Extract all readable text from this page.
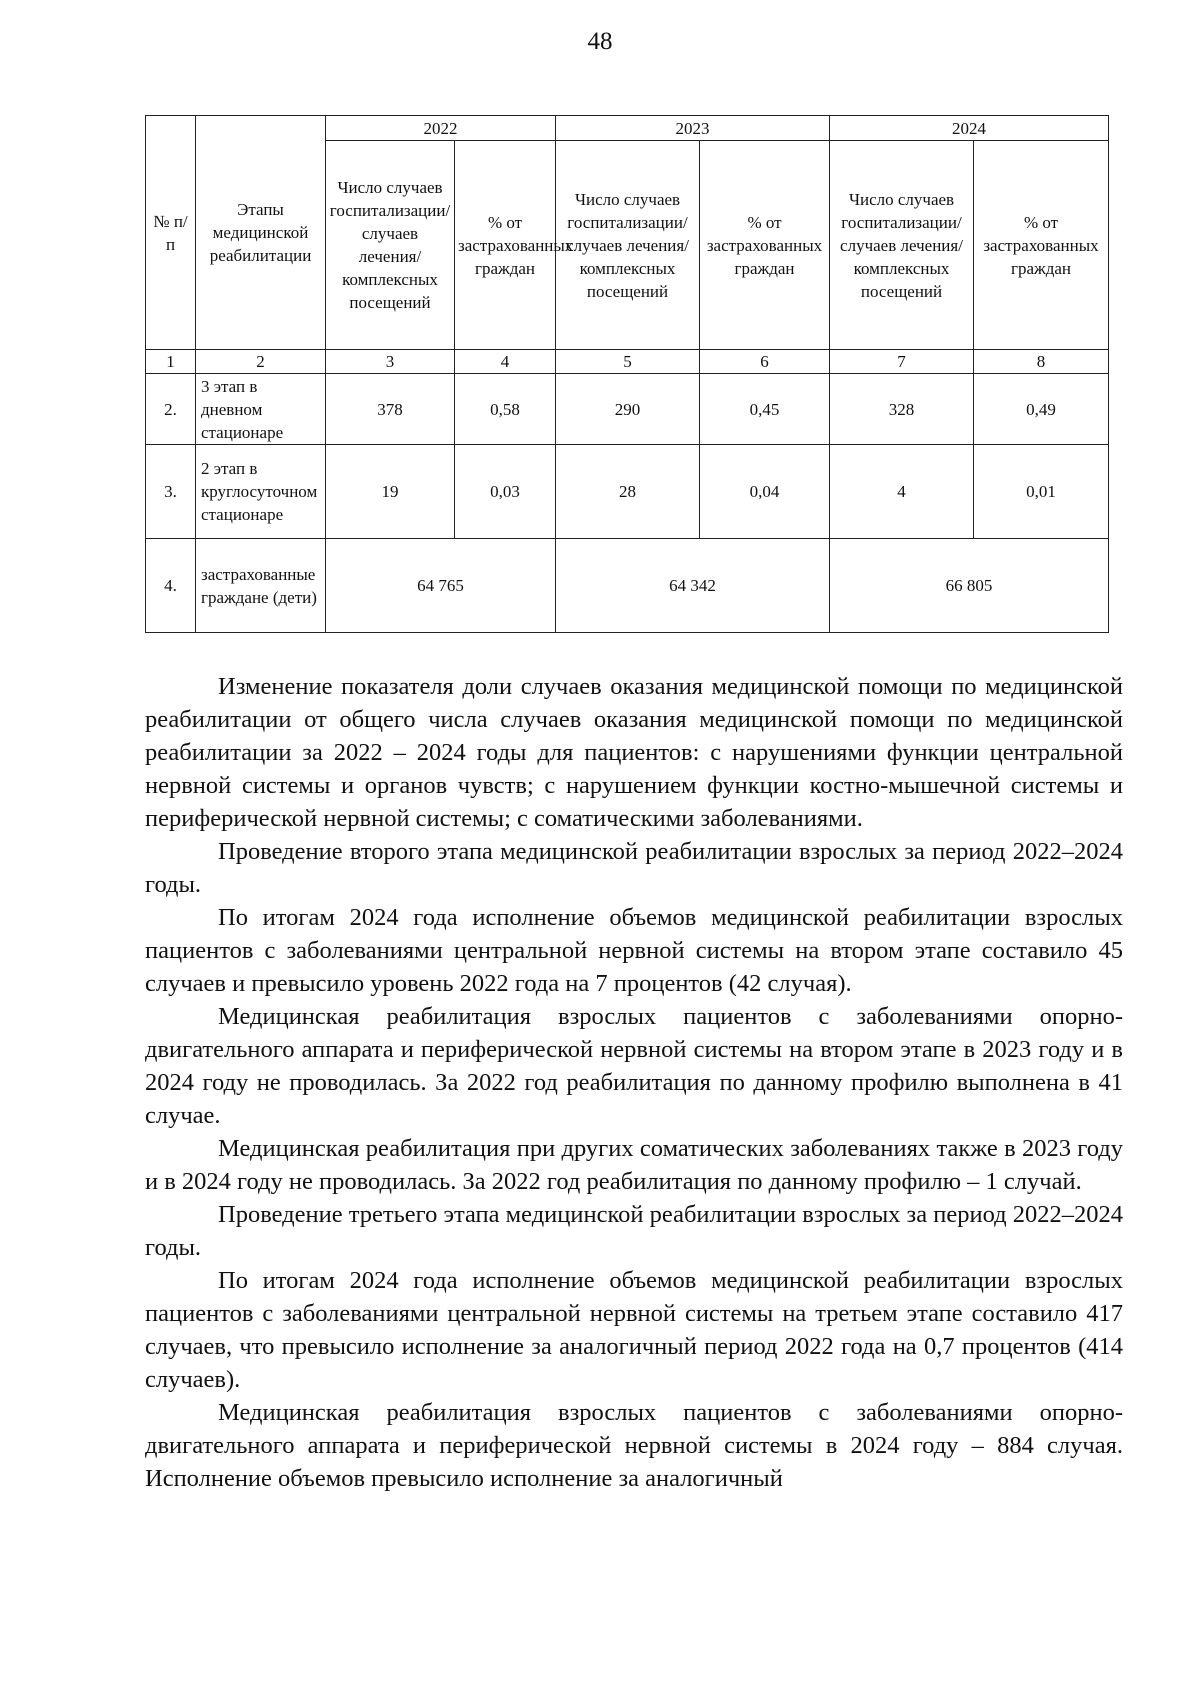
48
№ п/п	Этапы медицинской реабилитации	2022		2023		2024	
		Число случаев госпитализации/ случаев лечения/ комплексных посещений	% от застрахованных граждан	Число случаев госпитализации/ случаев лечения/ комплексных посещений	% от застрахованных граждан	Число случаев госпитализации/ случаев лечения/ комплексных посещений	% от застрахованных граждан
1	2	3	4	5	6	7	8
2.	3 этап в дневном стационаре	378	0,58	290	0,45	328	0,49
3.	2 этап в круглосуточном стационаре	19	0,03	28	0,04	4	0,01
4.	застрахованные граждане (дети)	64 765		64 342		66 805	

Изменение показателя доли случаев оказания медицинской помощи по медицинской реабилитации от общего числа случаев оказания медицинской помощи по медицинской реабилитации за 2022 – 2024 годы для пациентов: с нарушениями функции центральной нервной системы и органов чувств; с нарушением функции костно-мышечной системы и периферической нервной системы; с соматическими заболеваниями.

Проведение второго этапа медицинской реабилитации взрослых за период 2022–2024 годы.

По итогам 2024 года исполнение объемов медицинской реабилитации взрослых пациентов с заболеваниями центральной нервной системы на втором этапе составило 45 случаев и превысило уровень 2022 года на 7 процентов (42 случая).

Медицинская реабилитация взрослых пациентов с заболеваниями опорно-двигательного аппарата и периферической нервной системы на втором этапе в 2023 году и в 2024 году не проводилась. За 2022 год реабилитация по данному профилю выполнена в 41 случае.

Медицинская реабилитация при других соматических заболеваниях также в 2023 году и в 2024 году не проводилась. За 2022 год реабилитация по данному профилю – 1 случай.

Проведение третьего этапа медицинской реабилитации взрослых за период 2022–2024 годы.

По итогам 2024 года исполнение объемов медицинской реабилитации взрослых пациентов с заболеваниями центральной нервной системы на третьем этапе составило 417 случаев, что превысило исполнение за аналогичный период 2022 года на 0,7 процентов (414 случаев).

Медицинская реабилитация взрослых пациентов с заболеваниями опорно-двигательного аппарата и периферической нервной системы в 2024 году – 884 случая. Исполнение объемов превысило исполнение за аналогичный
